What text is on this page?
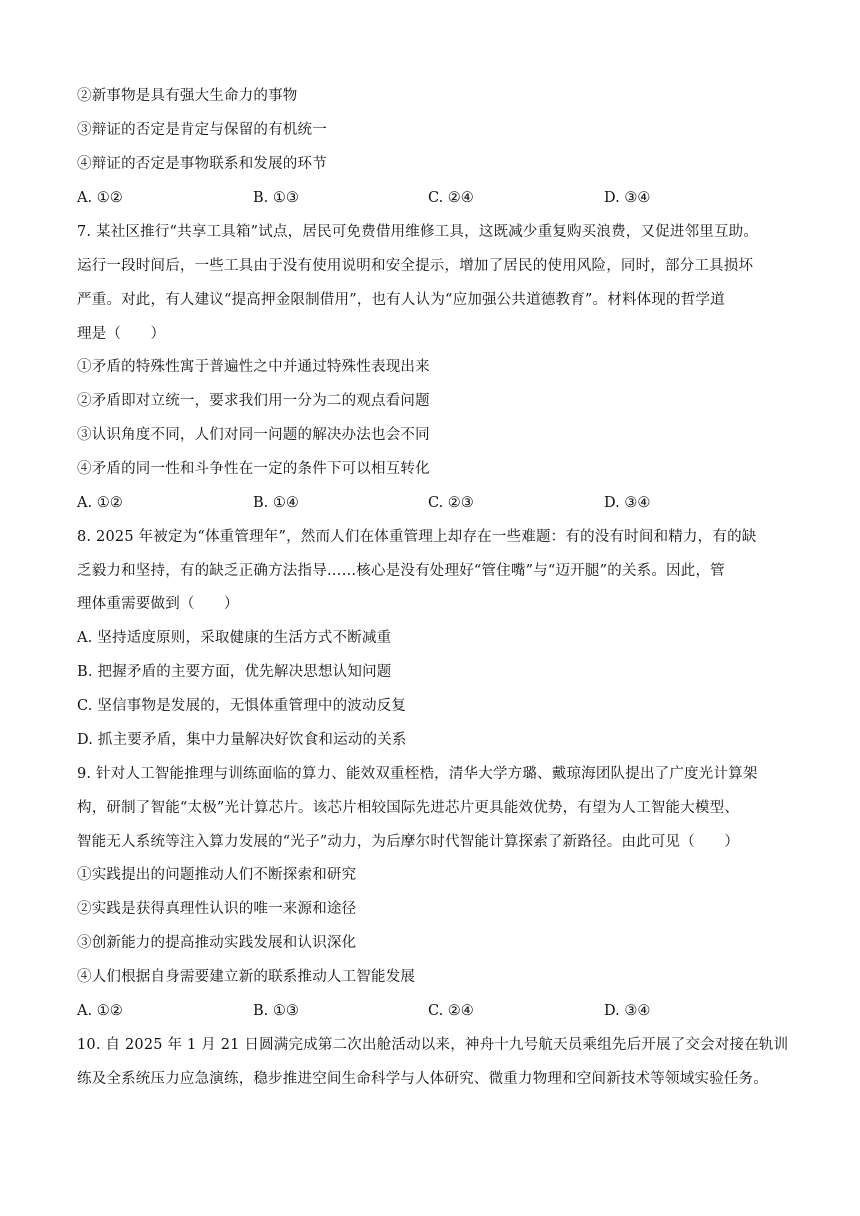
②新事物是具有强大生命力的事物
③辩证的否定是肯定与保留的有机统一
④辩证的否定是事物联系和发展的环节
A. ①②	B. ①③	C. ②④	D. ③④
7. 某社区推行“共享工具箱”试点，居民可免费借用维修工具，这既减少重复购买浪费，又促进邻里互助。
运行一段时间后，一些工具由于没有使用说明和安全提示，增加了居民的使用风险，同时，部分工具损坏
严重。对此，有人建议“提高押金限制借用”，也有人认为“应加强公共道德教育”。材料体现的哲学道
理是（　　）
①矛盾的特殊性寓于普遍性之中并通过特殊性表现出来
②矛盾即对立统一，要求我们用一分为二的观点看问题
③认识角度不同，人们对同一问题的解决办法也会不同
④矛盾的同一性和斗争性在一定的条件下可以相互转化
A. ①②	B. ①④	C. ②③	D. ③④
8. 2025 年被定为“体重管理年”，然而人们在体重管理上却存在一些难题：有的没有时间和精力，有的缺
乏毅力和坚持，有的缺乏正确方法指导……核心是没有处理好“管住嘴”与“迈开腿”的关系。因此，管
理体重需要做到（　　）
A. 坚持适度原则，采取健康的生活方式不断减重
B. 把握矛盾的主要方面，优先解决思想认知问题
C. 坚信事物是发展的，无惧体重管理中的波动反复
D. 抓主要矛盾，集中力量解决好饮食和运动的关系
9. 针对人工智能推理与训练面临的算力、能效双重桎梏，清华大学方璐、戴琼海团队提出了广度光计算架
构，研制了智能“太极”光计算芯片。该芯片相较国际先进芯片更具能效优势，有望为人工智能大模型、
智能无人系统等注入算力发展的“光子”动力，为后摩尔时代智能计算探索了新路径。由此可见（　　）
①实践提出的问题推动人们不断探索和研究
②实践是获得真理性认识的唯一来源和途径
③创新能力的提高推动实践发展和认识深化
④人们根据自身需要建立新的联系推动人工智能发展
A. ①②	B. ①③	C. ②④	D. ③④
10. 自 2025 年 1 月 21 日圆满完成第二次出舱活动以来，神舟十九号航天员乘组先后开展了交会对接在轨训
练及全系统压力应急演练，稳步推进空间生命科学与人体研究、微重力物理和空间新技术等领域实验任务。
